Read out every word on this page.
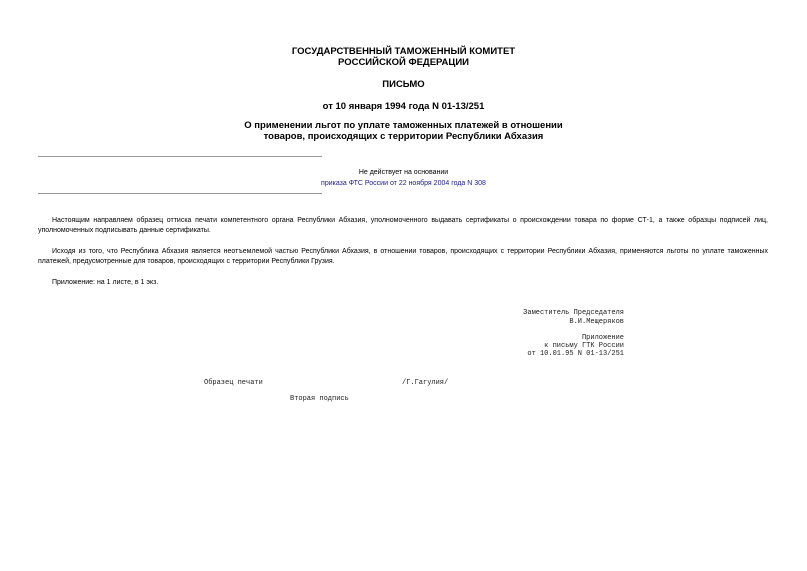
ГОСУДАРСТВЕННЫЙ ТАМОЖЕННЫЙ КОМИТЕТ
РОССИЙСКОЙ ФЕДЕРАЦИИ
ПИСЬМО
от 10 января 1994 года N 01-13/251
О применении льгот по уплате таможенных платежей в отношении
товаров, происходящих с территории Республики Абхазия
Не действует на основании
приказа ФТС России от 22 ноября 2004 года N 308
Настоящим направляем образец оттиска печати компетентного органа Республики Абхазия, уполномоченного выдавать сертификаты о происхождении товара по форме СТ-1, а также образцы подписей лиц, уполномоченных подписывать данные сертификаты.
Исходя из того, что Республика Абхазия является неотъемлемой частью Республики Абхазия, в отношении товаров, происходящих с территории Республики Абхазия, применяются льготы по уплате таможенных платежей, предусмотренные для товаров, происходящих с территории Республики Грузия.
Приложение: на 1 листе, в 1 экз.
Заместитель Председателя
В.И.Мещеряков
Приложение
к письму ГТК России
от 10.01.95 N 01-13/251
Образец печати	/Г.Гагулия/
Вторая подпись
